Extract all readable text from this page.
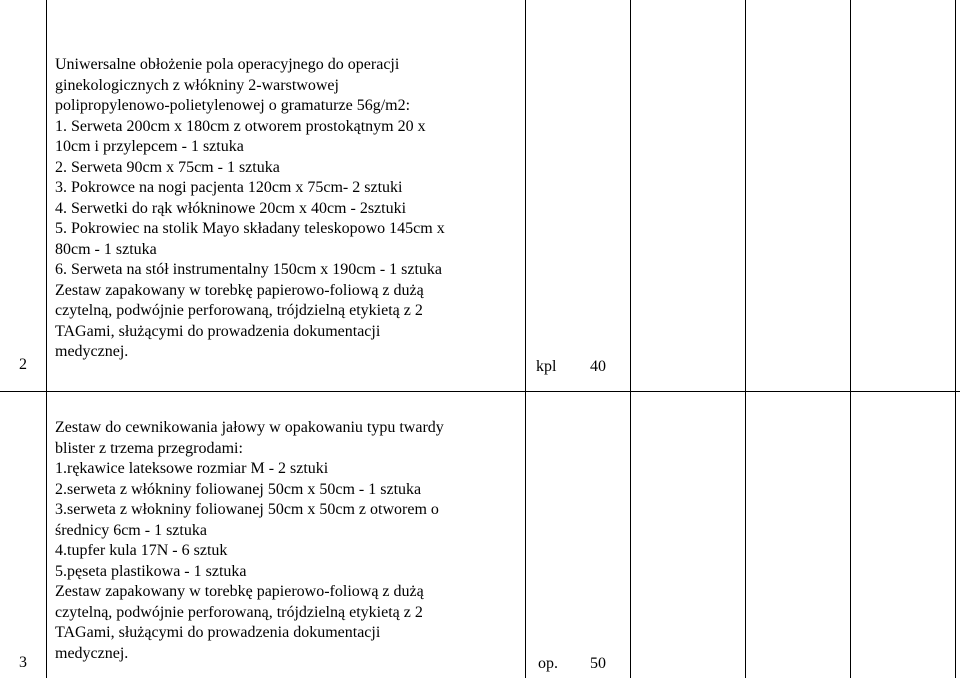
2
Uniwersalne obłożenie pola operacyjnego do operacji
ginekologicznych z włókniny 2-warstwowej
polipropylenowo-polietylenowej o gramaturze 56g/m2:
1. Serweta 200cm x 180cm z otworem prostokątnym 20 x
10cm i przylepcem - 1 sztuka
2. Serweta 90cm x 75cm - 1 sztuka
3. Pokrowce na nogi pacjenta 120cm x 75cm- 2 sztuki
4. Serwetki do rąk włókninowe 20cm x 40cm - 2sztuki
5. Pokrowiec na stolik Mayo składany teleskopowo 145cm x
80cm - 1 sztuka
6. Serweta na stół instrumentalny 150cm x 190cm - 1 sztuka
Zestaw zapakowany w torebkę papierowo-foliową z dużą
czytelną, podwójnie perforowaną, trójdzielną etykietą z 2
TAGami, służącymi do prowadzenia dokumentacji
medycznej.
kpl	40
3
Zestaw do cewnikowania jałowy w opakowaniu typu twardy
blister z trzema przegrodami:
1.rękawice lateksowe rozmiar M - 2 sztuki
2.serweta z włókniny foliowanej 50cm x 50cm - 1 sztuka
3.serweta z włokniny foliowanej 50cm x 50cm z otworem o
średnicy 6cm - 1 sztuka
4.tupfer kula 17N - 6 sztuk
5.pęseta plastikowa - 1 sztuka
Zestaw zapakowany w torebkę papierowo-foliową z dużą
czytelną, podwójnie perforowaną, trójdzielną etykietą z 2
TAGami, służącymi do prowadzenia dokumentacji
medycznej.
op.	50
